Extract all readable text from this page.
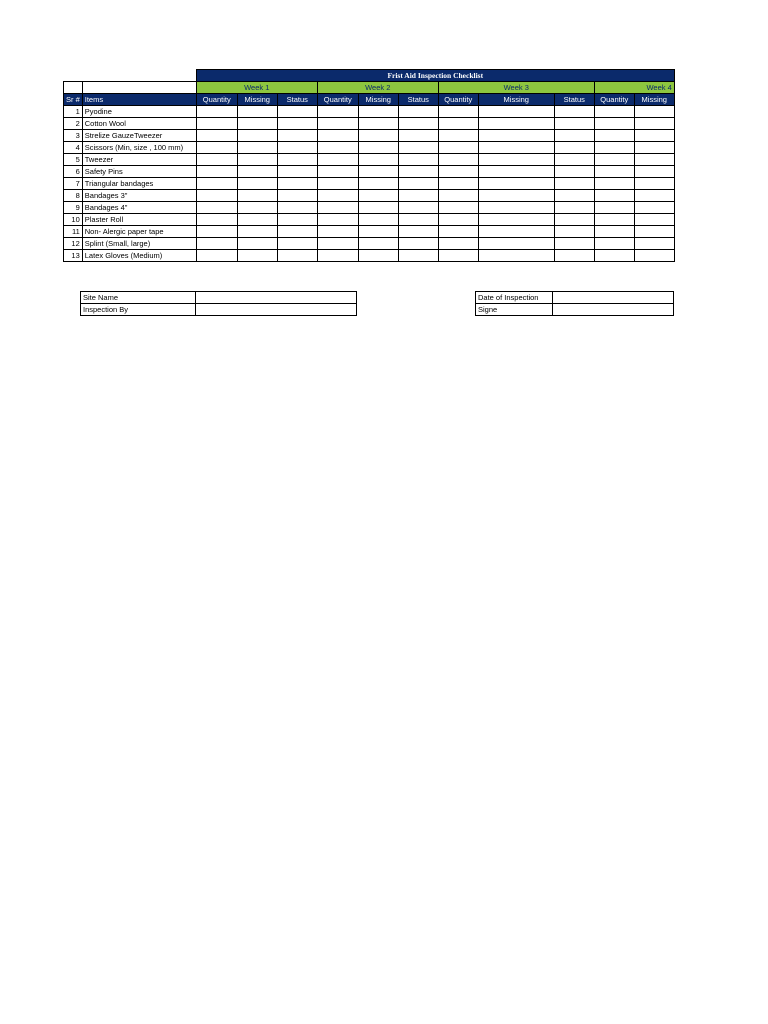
		Frist Aid Inspection Checklist										
		Week 1			Week 2			Week 3			Week 4	
Sr #	Items	Quantity	Missing	Status	Quantity	Missing	Status	Quantity	Missing	Status	Quantity	Missing
1	Pyodine											
2	Cotton Wool											
3	Strelize GauzeTweezer											
4	Scissors (Min, size , 100 mm)											
5	Tweezer											
6	Safety Pins											
7	Triangular bandages											
8	Bandages 3"											
9	Bandages 4"											
10	Plaster Roll											
11	Non- Alergic paper tape											
12	Splint (Small, large)											
13	Latex Gloves (Medium)											
Site Name	
Inspection By	
Date of Inspection	
Signe	
